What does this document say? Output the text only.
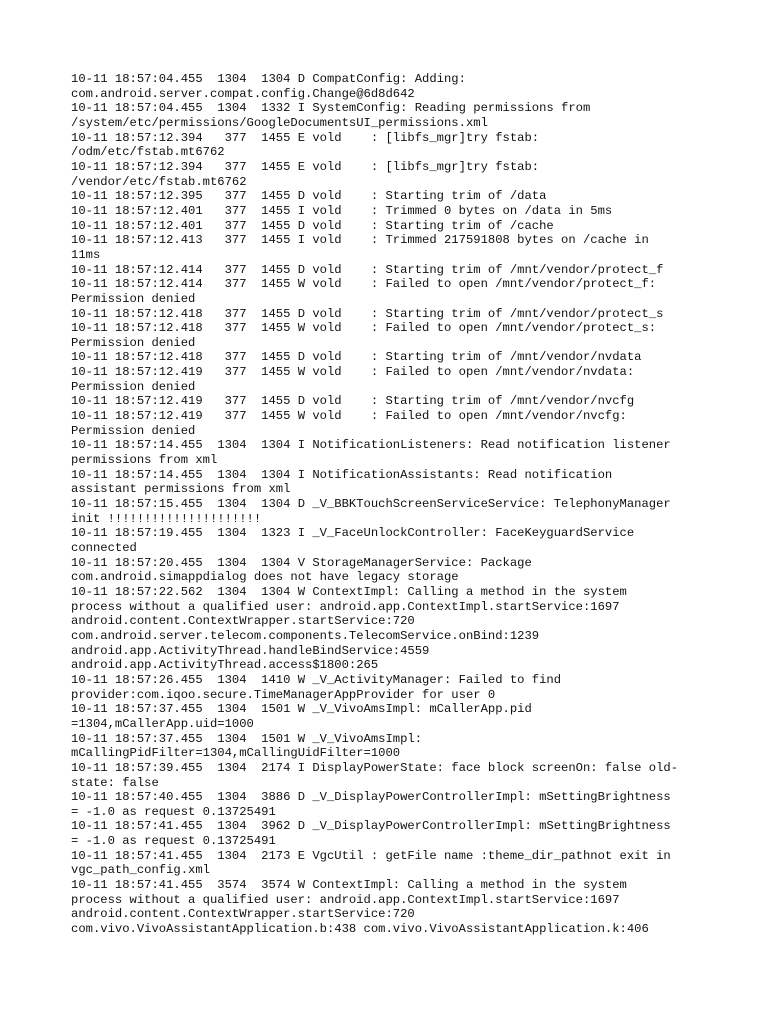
10-11 18:57:04.455  1304  1304 D CompatConfig: Adding:
com.android.server.compat.config.Change@6d8d642
10-11 18:57:04.455  1304  1332 I SystemConfig: Reading permissions from
/system/etc/permissions/GoogleDocumentsUI_permissions.xml
10-11 18:57:12.394   377  1455 E vold    : [libfs_mgr]try fstab:
/odm/etc/fstab.mt6762
10-11 18:57:12.394   377  1455 E vold    : [libfs_mgr]try fstab:
/vendor/etc/fstab.mt6762
10-11 18:57:12.395   377  1455 D vold    : Starting trim of /data
10-11 18:57:12.401   377  1455 I vold    : Trimmed 0 bytes on /data in 5ms
10-11 18:57:12.401   377  1455 D vold    : Starting trim of /cache
10-11 18:57:12.413   377  1455 I vold    : Trimmed 217591808 bytes on /cache in
11ms
10-11 18:57:12.414   377  1455 D vold    : Starting trim of /mnt/vendor/protect_f
10-11 18:57:12.414   377  1455 W vold    : Failed to open /mnt/vendor/protect_f:
Permission denied
10-11 18:57:12.418   377  1455 D vold    : Starting trim of /mnt/vendor/protect_s
10-11 18:57:12.418   377  1455 W vold    : Failed to open /mnt/vendor/protect_s:
Permission denied
10-11 18:57:12.418   377  1455 D vold    : Starting trim of /mnt/vendor/nvdata
10-11 18:57:12.419   377  1455 W vold    : Failed to open /mnt/vendor/nvdata:
Permission denied
10-11 18:57:12.419   377  1455 D vold    : Starting trim of /mnt/vendor/nvcfg
10-11 18:57:12.419   377  1455 W vold    : Failed to open /mnt/vendor/nvcfg:
Permission denied
10-11 18:57:14.455  1304  1304 I NotificationListeners: Read notification listener
permissions from xml
10-11 18:57:14.455  1304  1304 I NotificationAssistants: Read notification
assistant permissions from xml
10-11 18:57:15.455  1304  1304 D _V_BBKTouchScreenServiceService: TelephonyManager
init !!!!!!!!!!!!!!!!!!!!!
10-11 18:57:19.455  1304  1323 I _V_FaceUnlockController: FaceKeyguardService
connected
10-11 18:57:20.455  1304  1304 V StorageManagerService: Package
com.android.simappdialog does not have legacy storage
10-11 18:57:22.562  1304  1304 W ContextImpl: Calling a method in the system
process without a qualified user: android.app.ContextImpl.startService:1697
android.content.ContextWrapper.startService:720
com.android.server.telecom.components.TelecomService.onBind:1239
android.app.ActivityThread.handleBindService:4559
android.app.ActivityThread.access$1800:265
10-11 18:57:26.455  1304  1410 W _V_ActivityManager: Failed to find
provider:com.iqoo.secure.TimeManagerAppProvider for user 0
10-11 18:57:37.455  1304  1501 W _V_VivoAmsImpl: mCallerApp.pid
=1304,mCallerApp.uid=1000
10-11 18:57:37.455  1304  1501 W _V_VivoAmsImpl:
mCallingPidFilter=1304,mCallingUidFilter=1000
10-11 18:57:39.455  1304  2174 I DisplayPowerState: face block screenOn: false old-
state: false
10-11 18:57:40.455  1304  3886 D _V_DisplayPowerControllerImpl: mSettingBrightness
= -1.0 as request 0.13725491
10-11 18:57:41.455  1304  3962 D _V_DisplayPowerControllerImpl: mSettingBrightness
= -1.0 as request 0.13725491
10-11 18:57:41.455  1304  2173 E VgcUtil : getFile name :theme_dir_pathnot exit in
vgc_path_config.xml
10-11 18:57:41.455  3574  3574 W ContextImpl: Calling a method in the system
process without a qualified user: android.app.ContextImpl.startService:1697
android.content.ContextWrapper.startService:720
com.vivo.VivoAssistantApplication.b:438 com.vivo.VivoAssistantApplication.k:406
